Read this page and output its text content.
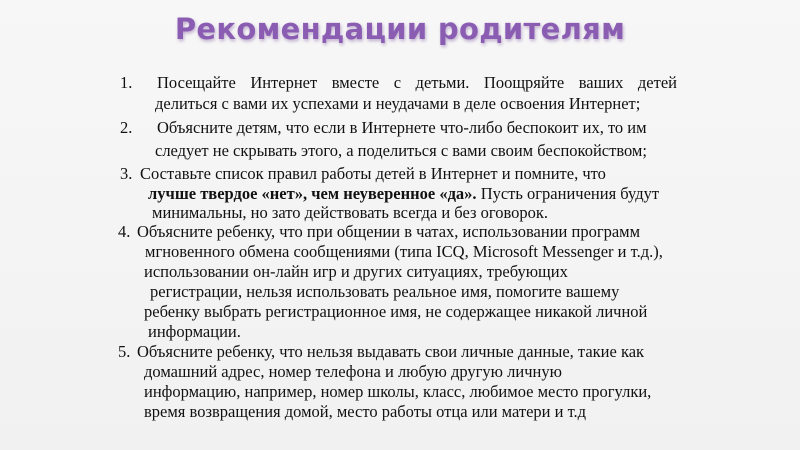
Рекомендации родителям
1. Посещайте Интернет вместе с детьми. Поощряйте ваших детей
делиться с вами их успехами и неудачами в деле освоения Интернет;
2. Объясните детям, что если в Интернете что-либо беспокоит их, то им
следует не скрывать этого, а поделиться с вами своим беспокойством;
3. Составьте список правил работы детей в Интернет и помните, что
лучше твердое «нет», чем неуверенное «да». Пусть ограничения будут
минимальны, но зато действовать всегда и без оговорок.
4. Объясните ребенку, что при общении в чатах, использовании программ
мгновенного обмена сообщениями (типа ICQ, Microsoft Messenger и т.д.),
использовании он-лайн игр и других ситуациях, требующих
регистрации, нельзя использовать реальное имя, помогите вашему
ребенку выбрать регистрационное имя, не содержащее никакой личной
информации.
5. Объясните ребенку, что нельзя выдавать свои личные данные, такие как
домашний адрес, номер телефона и любую другую личную
информацию, например, номер школы, класс, любимое место прогулки,
время возвращения домой, место работы отца или матери и т.д
